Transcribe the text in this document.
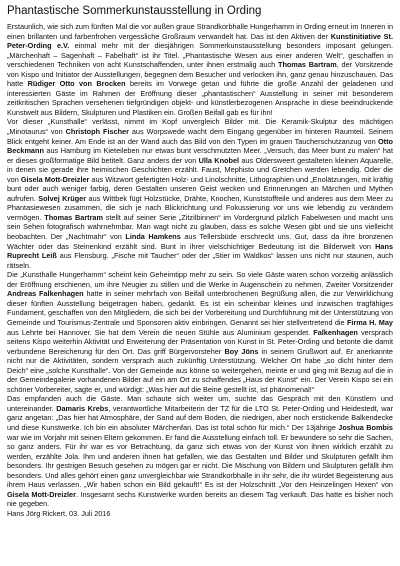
Phantastische Sommerkunstausstellung in Ording

Erstaunlich, wie sich zum fünften Mal die vor außen graue Strandkorbhalle Hungerhamm in Ording erneut im Inneren in einen brillanten und farbenfrohen vergessliche Großraum verwandelt hat. Das ist den Aktiven der Kunstinitiative St. Peter-Ording e.V. einmal mehr mit der diesjährigen Sommerkunstausstellung besonders imposant gelungen. „Märchenhaft – Sagenhaft – Fabelhaft“ ist ihr Titel. „Phantastische Wesen aus einer anderen Welt“, geschaffen in verschiedenen Techniken von acht Kunstschaffenden, unter ihnen erstmalig auch Thomas Bartram, der Vorsitzende von Kispo und Initiator der Ausstellungen, begegnen dem Besucher und verlocken ihn, ganz genau hinzuschauen. Das hatte Rüdiger Otto von Brocken bereits im Vorwege getan und führte die große Anzahl der geladenen und interessierten Gäste im Rahmen der Eröffnung dieser „phantastischen“ Ausstellung in seiner mit besonderem zeitkritischen Sprachen versehenen tiefgründigen objekt- und künstlerbezogenen Ansprache in diese beeindruckende Kunstwelt aus Bildern, Skulpturen und Plastiken ein. Großen Beifall gab es für ihn!

Vor dieser „Kunsthalle“ verlässt, nimmt im Kopf unvergleich Bilder mit. Die Keramik-Skulptur des mächtigen „Minotaurus“ von Christoph Fischer aus Worpswede wacht dem Eingang gegenüber im hinteren Raumteil. Seinem Blick entgeht keiner. Am Ende ist an der Wand auch das Bild von den Typen im grauen Taucherschutzanzug von Otto Beckmann aus Hamburg im Kieteileben nur etwas bunt verschmutzten Meer. „Versuch, das Meer bunt zu malen“ hat er dieses großformatige Bild betitelt. Ganz anders der von Ulla Knobel aus Oldersweert gestalteten kleinen Aquarelle, in denen sie gerade ihre heimischen Geschichten erzählt. Faust, Mephisto und Gretchen werden lebendig. Oder die von Gisela Mott-Dreizler aus Witzwort gefertigten Holz- und Linolschnitte, Lithographien und „Enolätzungen, mit kräftig bunt oder auch weniger farbig, deren Gestalten unseren Geist wecken und Erinnerungen an Märchen und Mythen aufrufen. Solvej Krüger aus Wittbek fügt Holzstücke, Drähte, Knochen, Kunststoffteile und anderes aus dem Meer zu Phantasiewesen zusammen, die sich je nach Blickrichtung und Fokussierung vor uns wie lebendig zu verändern vermögen. Thomas Bartram stellt auf seiner Serie „Zitzilbinnen“ im Vordergrund pilzlich Fabelwesen und macht uns sein Sehen fotografisch wahrnehmbar. Man wagt nicht zu glauben, dass es solche Wesen gibt und sie uns vielleicht beobachten. Der „Nachtmahr“ von Linda Hamkens aus Tellersbüde erschreckt uns. Gut, dass da ihre bronzenen Wächter oder das Steinenkind erzählt sind. Bunt in ihrer vielschichtiger Bedeutung ist die Bilderwelt von Hans Ruprecht Leiß aus Flensburg. „Fische mit Taucher“ oder der „Stier im Waldkos“ lassen uns nicht nur staunen, auch rätseln.

Die „Kunsthalle Hungerhamm“ scheint kein Geheimtipp mehr zu sein. So viele Gäste waren schon vorzeitig anlässlich der Eröffnung erschienen, um ihre Neugier zu stillen und die Werke in Augenschein zu nehmen. Zweiter Vorsitzender Andreas Falkenhagen hatte in seiner mehrfach von Beifall unterbrochenen Begrüßung allen, die zur Verwirklichung dieser fünften Ausstellung beigetragen haben, gedankt. Es ist ein scheinbar kleines und inzwischen tragfähiges Fundament, geschaffen von den Mitgliedern, die sich bei der Vorbereitung und Durchführung mit der Unterstützung von Gemeinde und Tourismus-Zentrale und Sponsoren aktiv einbringen. Genannt sei hier stellvertretend die Firma H. May aus Lehrte bei Hannover. Sie hat dem Verein die neuen Stühle aus Aluminium gespendet. Falkenhagen versprach seitens Kispo weiterhin Aktivität und Erweiterung der Präsentation von Kunst in St. Peter-Ording und betonte die damit verbundene Bereicherung für den Ort. Das griff Bürgervorsteher Boy Jöns in seinem Grußwort auf. Er anerkannte nicht nur die Aktivitäten, sondern versprach auch zukünftig Unterstützung. Welcher Ort habe „so dicht hinter dem Deich“ eine „solche Kunsthalle“. Von der Gemeinde aus könne so weitergehen, meinte er und ging mit Bezug auf die in der Gemeindegalerie vorhandenen Bilder auf ein am Ort zu schaffendes „Haus der Kunst“ ein. Der Verein Kispo sei ein schöner Vorbereiter, sagte er, und würdigt: „Was hier auf die Beine gestellt ist, ist phänomenal!“

Das empfanden auch die Gäste. Man schaute sich weiter um, suchte das Gespräch mit den Künstlern und untereinander. Damaris Krebs, verantwortliche Mitarbeiterin der TZ für die LTO St. Peter-Ording und Heidestedt, war ganz angetan: „Das hier hat Atmosphäre, der Sand auf dem Boden, die niedrigen, aber noch erstickende Balkendecke und diese Kunstwerke. Ich bin ein absoluter Märchenfan. Das ist total schön für mich.“ Der 13jährige Joshua Bombis war wie im Vorjahr mit seinen Eltern gekommen. Er fand die Ausstellung einfach toll. Er bewundere so sehr die Sachen, so ganz anders. Für ihr war es vor Betrachtung, da ganz sich etwas von der Kunst von ihnen wirklich erzählt zu werden, erzählte Jola. Ihm und anderen ihnen hat gefallen, wie das Gestalten und Bilder und Skulpturen gefällt ihm besonders. Ihr gestrigen Besuch gesehen zu mögen gar er nicht. Die Mischung von Bildern und Skulpturen gefällt ihm besonders. Und alles gehört einen ganz unvergleichbar wie Strandkorbhalle in ihr sehr, die ihr würdet Begeisterung aus ihrem Haus verlassen. „Wir haben schon ein Bild gekauft!“ Es ist der Holzschnitt „Vor den Heinzelingen Hexen“ von Gisela Mott-Dreizler. Insgesamt sechs Kunstwerke wurden bereits an diesem Tag verkauft. Das hatte es bisher noch nie gegeben.

Hans Jörg Rickert, 03. Juli 2016
